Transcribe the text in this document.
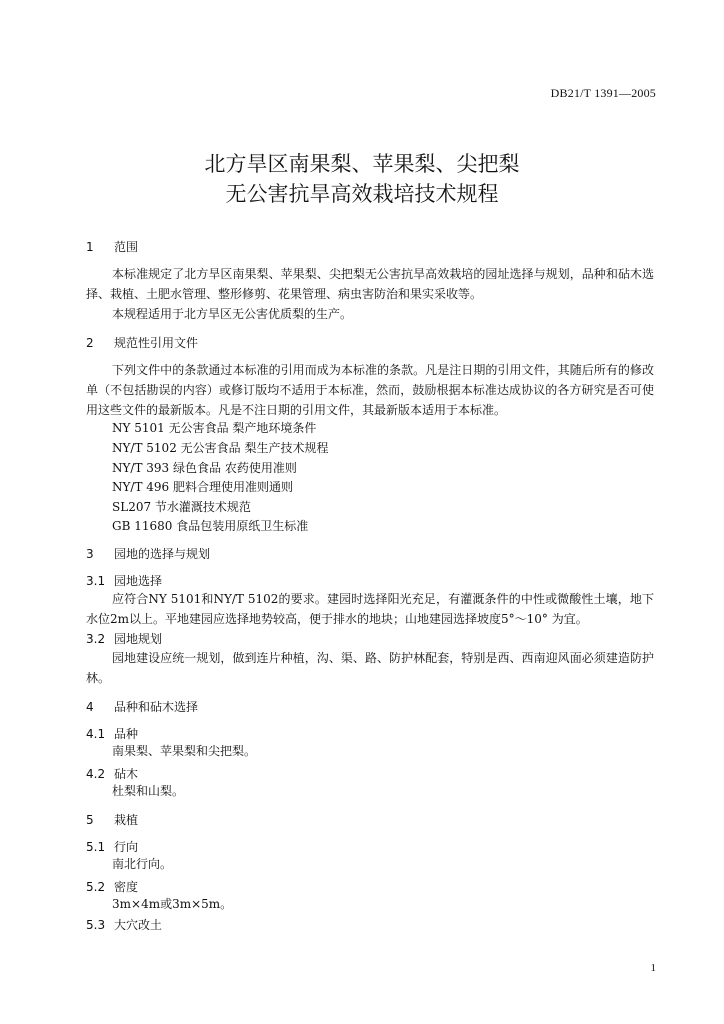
DB21/T 1391—2005
北方旱区南果梨、苹果梨、尖把梨
无公害抗旱高效栽培技术规程
1 范围

本标准规定了北方旱区南果梨、苹果梨、尖把梨无公害抗旱高效栽培的园址选择与规划，品种和砧木选择、栽植、土肥水管理、整形修剪、花果管理、病虫害防治和果实采收等。

本规程适用于北方旱区无公害优质梨的生产。

2 规范性引用文件

下列文件中的条款通过本标准的引用而成为本标准的条款。凡是注日期的引用文件，其随后所有的修改单（不包括勘误的内容）或修订版均不适用于本标准，然而，鼓励根据本标准达成协议的各方研究是否可使用这些文件的最新版本。凡是不注日期的引用文件，其最新版本适用于本标准。

NY 5101 无公害食品 梨产地环境条件
NY/T 5102 无公害食品 梨生产技术规程
NY/T 393 绿色食品 农药使用准则
NY/T 496 肥料合理使用准则通则
SL207 节水灌溉技术规范
GB 11680 食品包装用原纸卫生标准
3 园地的选择与规划
3.1 园地选择

应符合NY 5101和NY/T 5102的要求。建园时选择阳光充足，有灌溉条件的中性或微酸性土壤，地下水位2m以上。平地建园应选择地势较高，便于排水的地块；山地建园选择坡度5°～10° 为宜。

3.2 园地规划

园地建设应统一规划，做到连片种植，沟、渠、路、防护林配套，特别是西、西南迎风面必须建造防护林。

4 品种和砧木选择
4.1 品种

南果梨、苹果梨和尖把梨。

4.2 砧木

杜梨和山梨。

5 栽植
5.1 行向

南北行向。

5.2 密度

3m×4m或3m×5m。

5.3 大穴改土
1
